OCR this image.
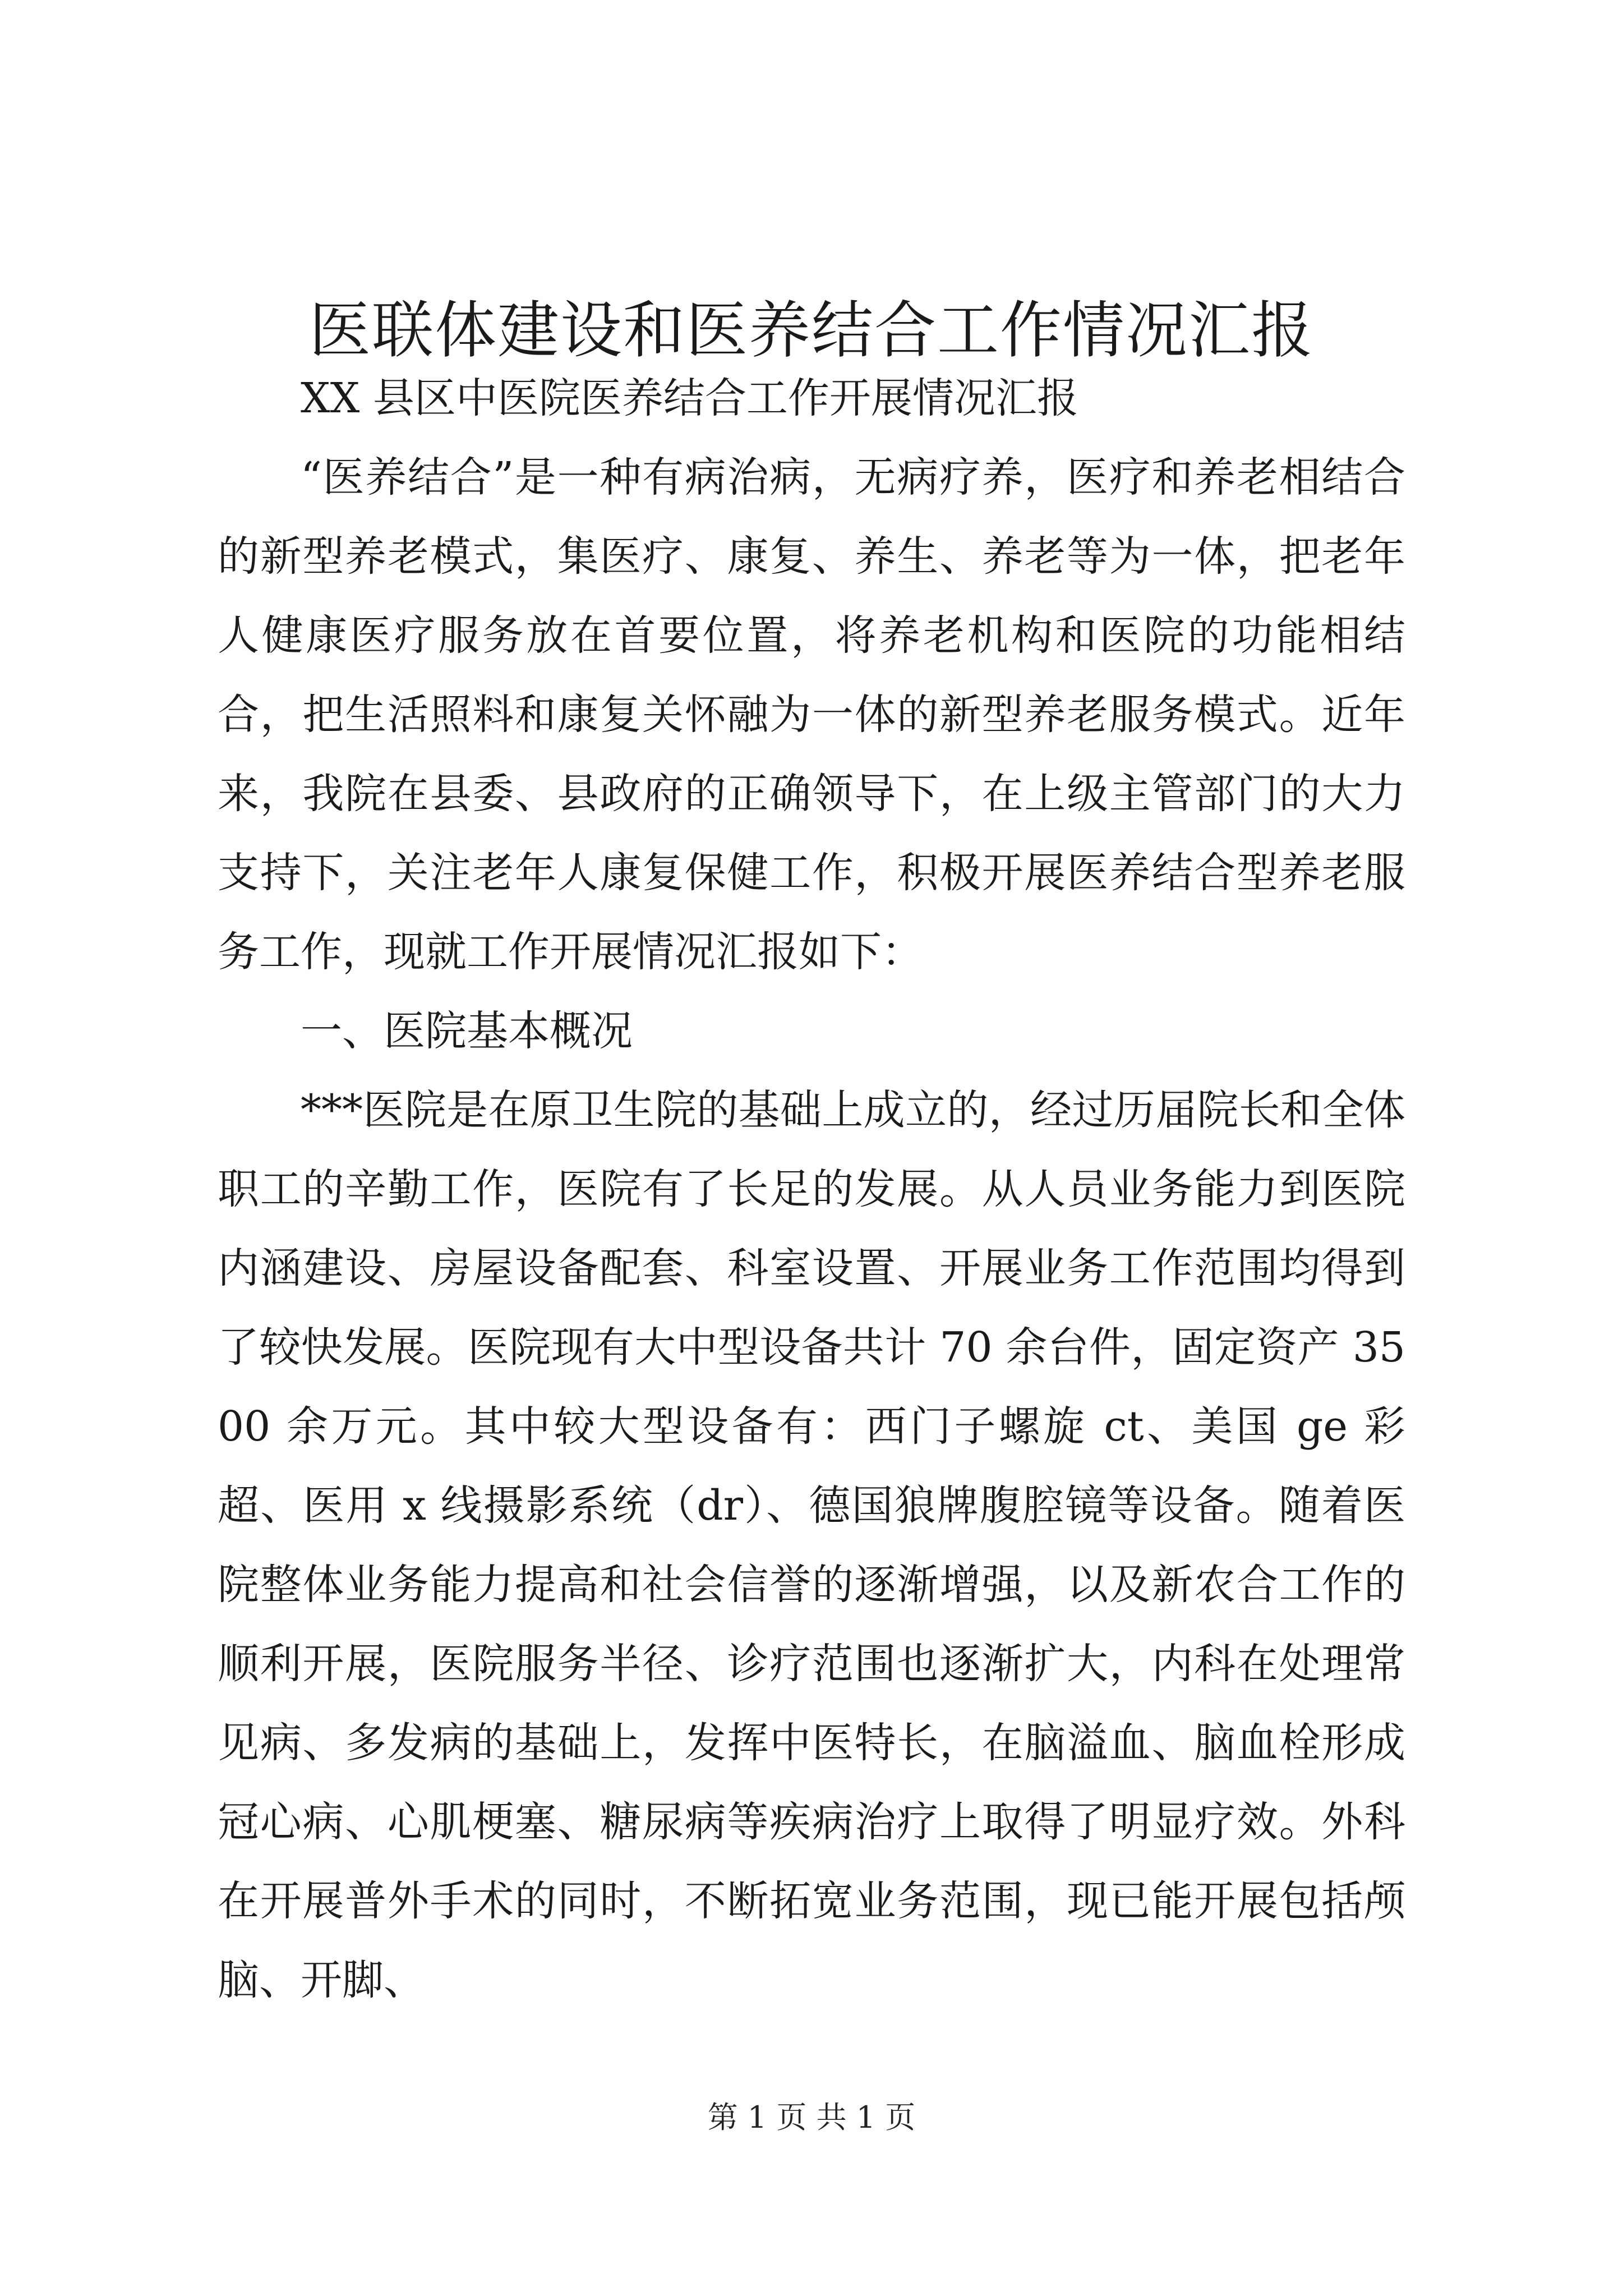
医联体建设和医养结合工作情况汇报

XX 县区中医院医养结合工作开展情况汇报

“医养结合”是一种有病治病，无病疗养，医疗和养老相结合的新型养老模式，集医疗、康复、养生、养老等为一体，把老年人健康医疗服务放在首要位置，将养老机构和医院的功能相结合，把生活照料和康复关怀融为一体的新型养老服务模式。近年来，我院在县委、县政府的正确领导下，在上级主管部门的大力支持下，关注老年人康复保健工作，积极开展医养结合型养老服务工作，现就工作开展情况汇报如下：

一、医院基本概况

***医院是在原卫生院的基础上成立的，经过历届院长和全体职工的辛勤工作，医院有了长足的发展。从人员业务能力到医院内涵建设、房屋设备配套、科室设置、开展业务工作范围均得到了较快发展。医院现有大中型设备共计 70 余台件，固定资产 3500 余万元。其中较大型设备有：西门子螺旋 ct、美国 ge 彩超、医用 x 线摄影系统（dr）、德国狼牌腹腔镜等设备。随着医院整体业务能力提高和社会信誉的逐渐增强，以及新农合工作的顺利开展，医院服务半径、诊疗范围也逐渐扩大，内科在处理常见病、多发病的基础上，发挥中医特长，在脑溢血、脑血栓形成冠心病、心肌梗塞、糖尿病等疾病治疗上取得了明显疗效。外科在开展普外手术的同时，不断拓宽业务范围，现已能开展包括颅脑、开脚、

第 1 页 共 1 页
